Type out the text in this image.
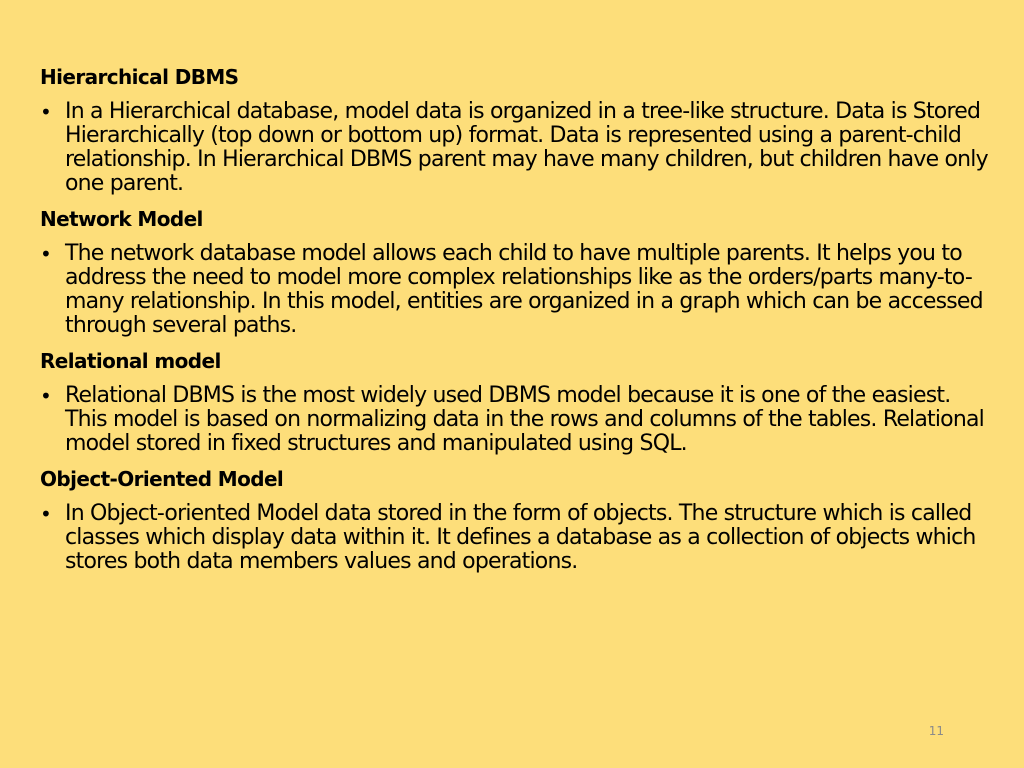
Hierarchical DBMS
• In a Hierarchical database, model data is organized in a tree-like structure. Data is Stored Hierarchically (top down or bottom up) format. Data is represented using a parent-child relationship. In Hierarchical DBMS parent may have many children, but children have only one parent.
Network Model
• The network database model allows each child to have multiple parents. It helps you to address the need to model more complex relationships like as the orders/parts many-to-many relationship. In this model, entities are organized in a graph which can be accessed through several paths.
Relational model
• Relational DBMS is the most widely used DBMS model because it is one of the easiest. This model is based on normalizing data in the rows and columns of the tables. Relational model stored in fixed structures and manipulated using SQL.
Object-Oriented Model
• In Object-oriented Model data stored in the form of objects. The structure which is called classes which display data within it. It defines a database as a collection of objects which stores both data members values and operations.
11
